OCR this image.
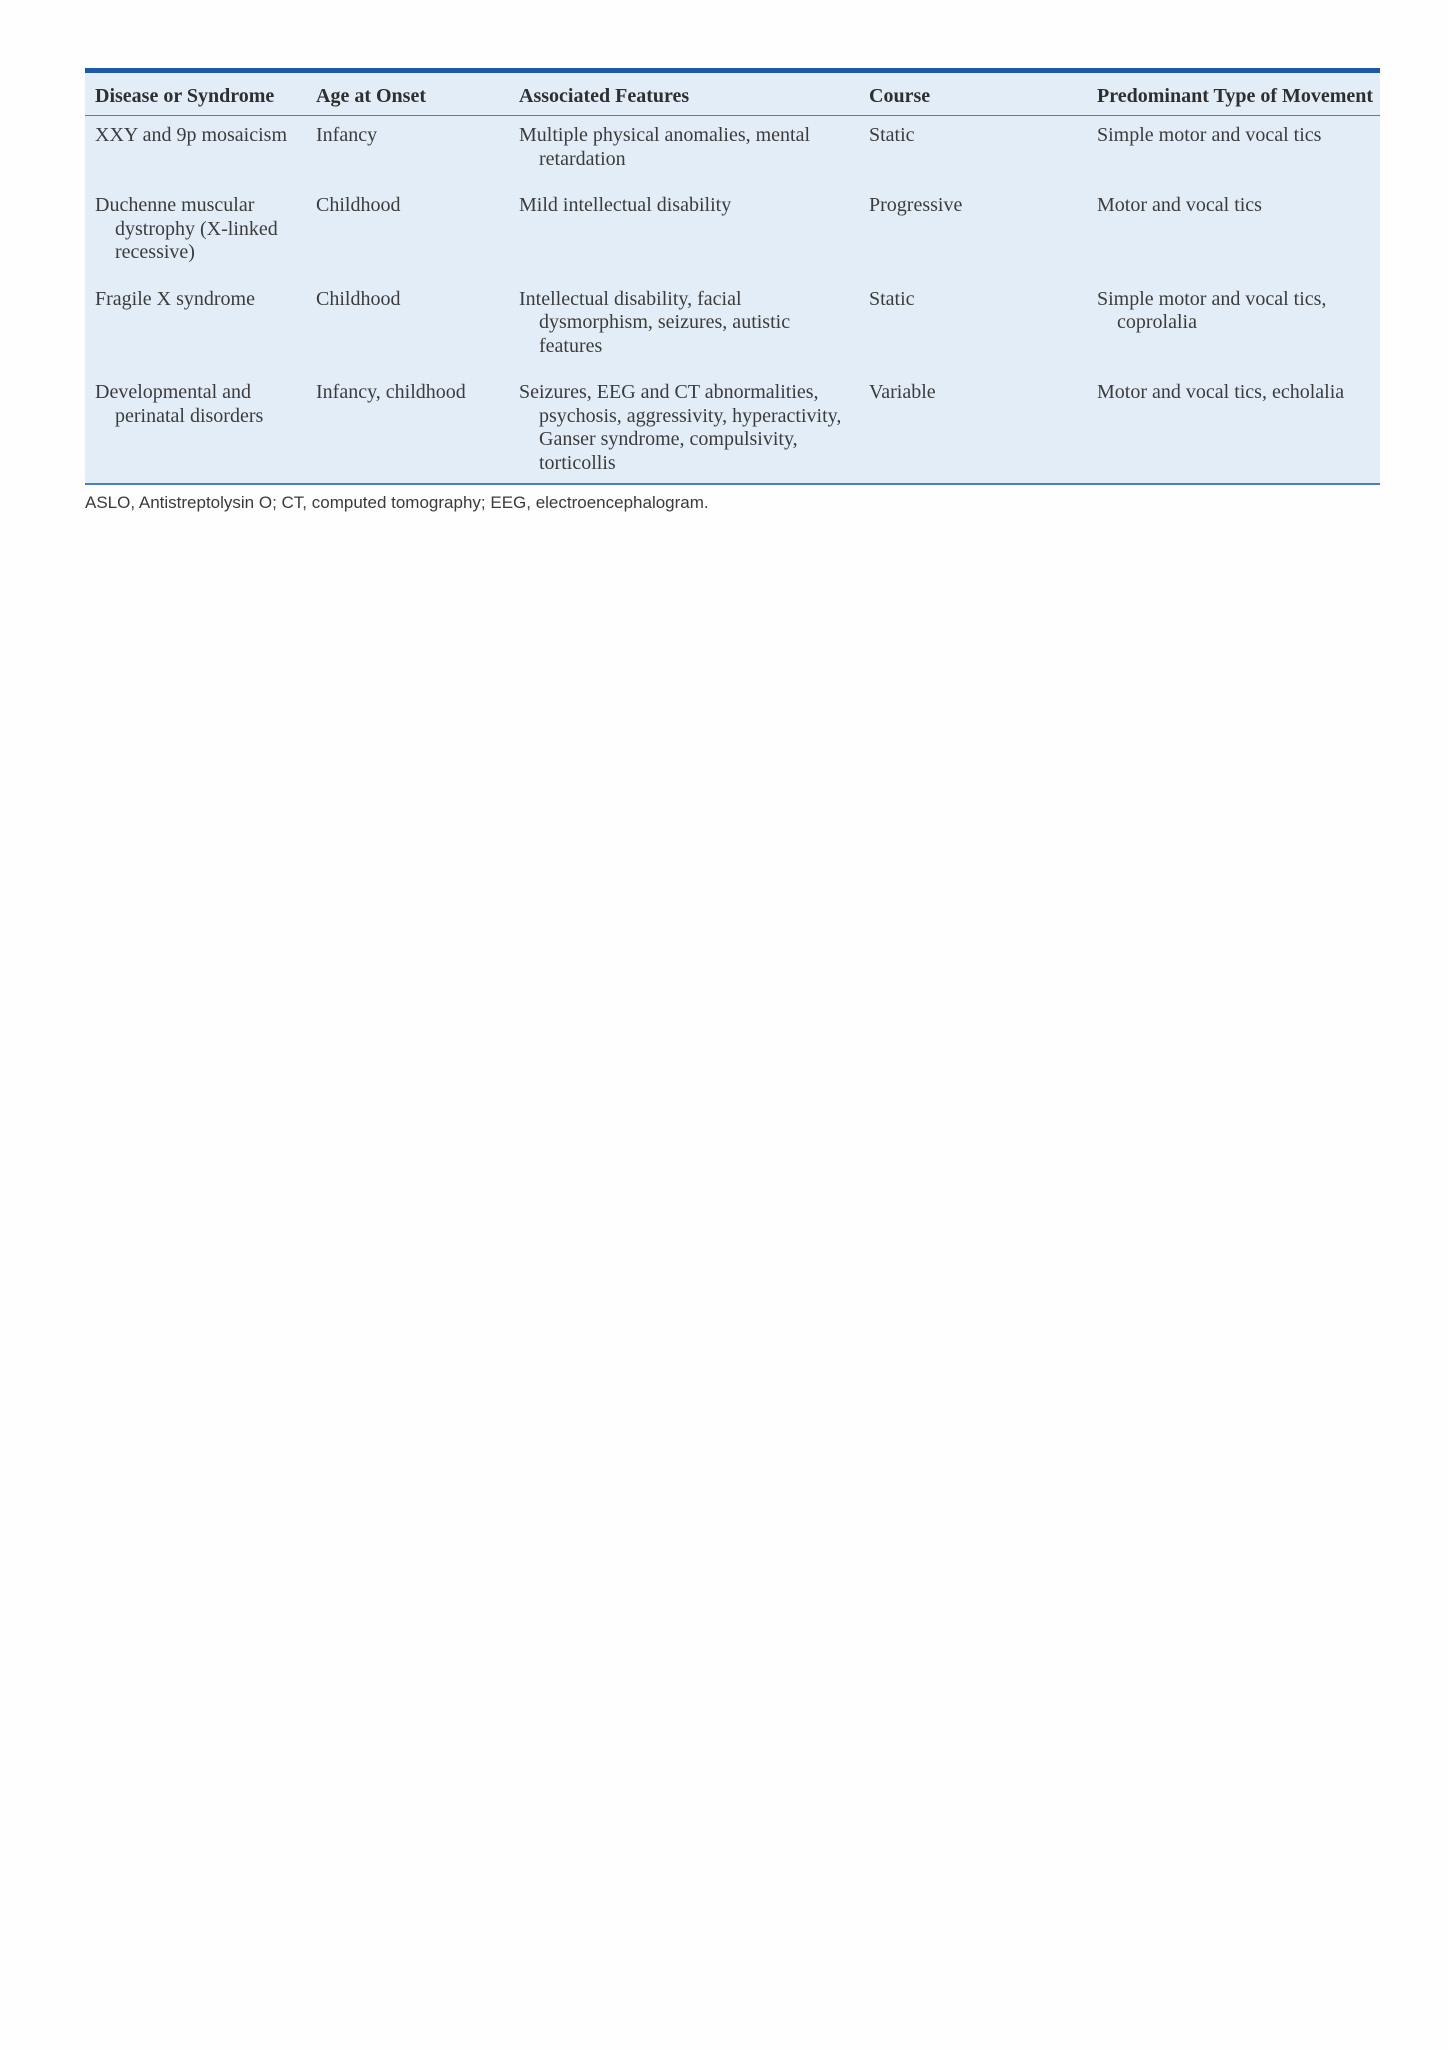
Disease or Syndrome	Age at Onset	Associated Features	Course	Predominant Type of Movement

XXY and 9p mosaicism	Infancy	Multiple physical anomalies, mental retardation	Static	Simple motor and vocal tics

Duchenne muscular dystrophy (X-linked recessive)	Childhood	Mild intellectual disability	Progressive	Motor and vocal tics

Fragile X syndrome	Childhood	Intellectual disability, facial dysmorphism, seizures, autistic features	Static	Simple motor and vocal tics, coprolalia

Developmental and perinatal disorders	Infancy, childhood	Seizures, EEG and CT abnormalities, psychosis, aggressivity, hyperactivity, Ganser syndrome, compulsivity, torticollis	Variable	Motor and vocal tics, echolalia
ASLO, Antistreptolysin O; CT, computed tomography; EEG, electroencephalogram.
